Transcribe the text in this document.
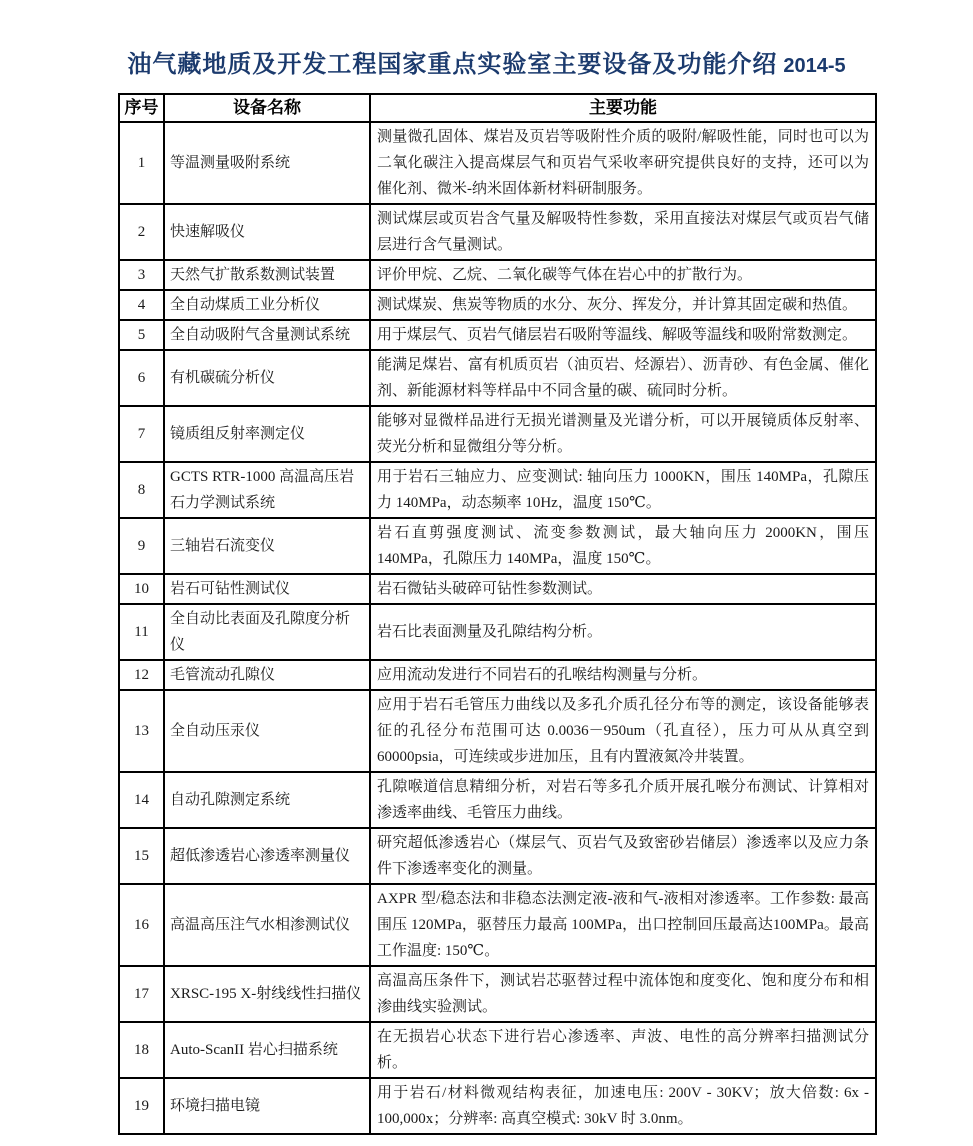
油气藏地质及开发工程国家重点实验室主要设备及功能介绍 2014-5
序号	设备名称	主要功能
1	等温测量吸附系统	测量微孔固体、煤岩及页岩等吸附性介质的吸附/解吸性能，同时也可以为二氧化碳注入提高煤层气和页岩气采收率研究提供良好的支持，还可以为催化剂、微米-纳米固体新材料研制服务。
2	快速解吸仪	测试煤层或页岩含气量及解吸特性参数，采用直接法对煤层气或页岩气储层进行含气量测试。
3	天然气扩散系数测试装置	评价甲烷、乙烷、二氧化碳等气体在岩心中的扩散行为。
4	全自动煤质工业分析仪	测试煤炭、焦炭等物质的水分、灰分、挥发分，并计算其固定碳和热值。
5	全自动吸附气含量测试系统	用于煤层气、页岩气储层岩石吸附等温线、解吸等温线和吸附常数测定。
6	有机碳硫分析仪	能满足煤岩、富有机质页岩（油页岩、烃源岩）、沥青砂、有色金属、催化剂、新能源材料等样品中不同含量的碳、硫同时分析。
7	镜质组反射率测定仪	能够对显微样品进行无损光谱测量及光谱分析，可以开展镜质体反射率、荧光分析和显微组分等分析。
8	GCTS RTR-1000 高温高压岩石力学测试系统	用于岩石三轴应力、应变测试: 轴向压力 1000KN，围压 140MPa，孔隙压力 140MPa，动态频率 10Hz，温度 150℃。
9	三轴岩石流变仪	岩石直剪强度测试、流变参数测试，最大轴向压力 2000KN，围压140MPa，孔隙压力 140MPa，温度 150℃。
10	岩石可钻性测试仪	岩石微钻头破碎可钻性参数测试。
11	全自动比表面及孔隙度分析仪	岩石比表面测量及孔隙结构分析。
12	毛管流动孔隙仪	应用流动发进行不同岩石的孔喉结构测量与分析。
13	全自动压汞仪	应用于岩石毛管压力曲线以及多孔介质孔径分布等的测定，该设备能够表征的孔径分布范围可达 0.0036－950um（孔直径），压力可从从真空到 60000psia，可连续或步进加压，且有内置液氮冷井装置。
14	自动孔隙测定系统	孔隙喉道信息精细分析，对岩石等多孔介质开展孔喉分布测试、计算相对渗透率曲线、毛管压力曲线。
15	超低渗透岩心渗透率测量仪	研究超低渗透岩心（煤层气、页岩气及致密砂岩储层）渗透率以及应力条件下渗透率变化的测量。
16	高温高压注气水相渗测试仪	AXPR 型/稳态法和非稳态法测定液-液和气-液相对渗透率。工作参数: 最高围压 120MPa，驱替压力最高 100MPa，出口控制回压最高达100MPa。最高工作温度: 150℃。
17	XRSC-195 X-射线线性扫描仪	高温高压条件下，测试岩芯驱替过程中流体饱和度变化、饱和度分布和相渗曲线实验测试。
18	Auto-ScanII 岩心扫描系统	在无损岩心状态下进行岩心渗透率、声波、电性的高分辨率扫描测试分析。
19	环境扫描电镜	用于岩石/材料微观结构表征，加速电压: 200V - 30KV；放大倍数: 6x - 100,000x；分辨率: 高真空模式: 30kV 时 3.0nm。
